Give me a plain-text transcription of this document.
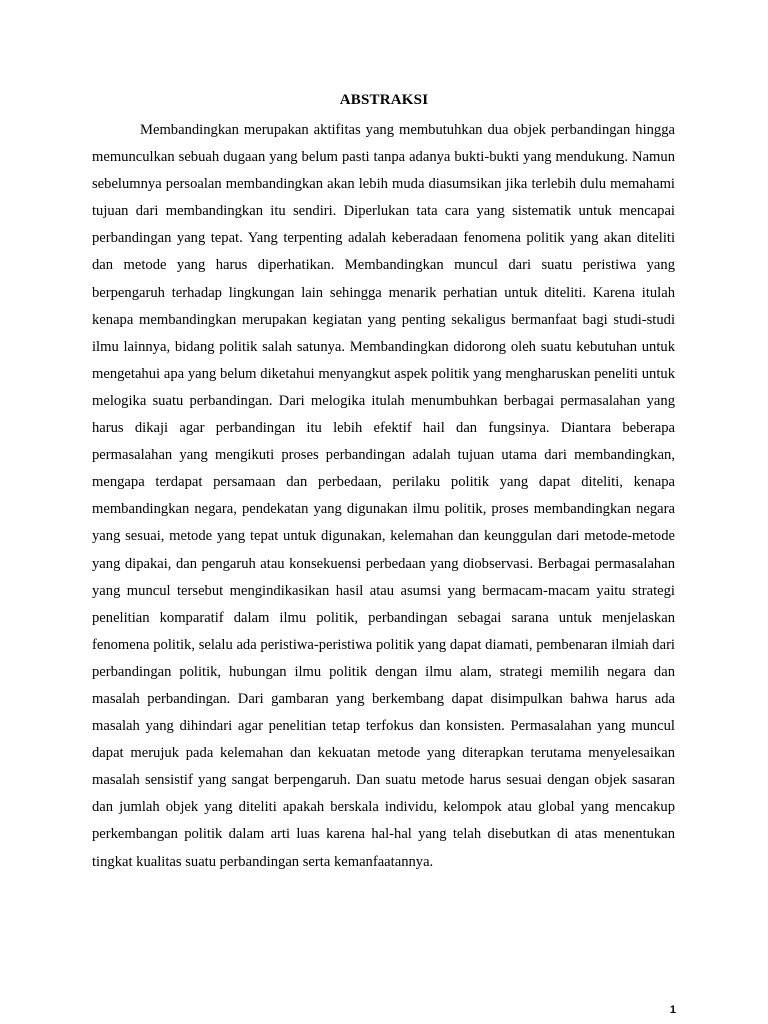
ABSTRAKSI

Membandingkan merupakan aktifitas yang membutuhkan dua objek perbandingan hingga memunculkan sebuah dugaan yang belum pasti tanpa adanya bukti-bukti yang mendukung. Namun sebelumnya persoalan membandingkan akan lebih muda diasumsikan jika terlebih dulu memahami tujuan dari membandingkan itu sendiri. Diperlukan tata cara yang sistematik untuk mencapai perbandingan yang tepat. Yang terpenting adalah keberadaan fenomena politik yang akan diteliti dan metode yang harus diperhatikan. Membandingkan muncul dari suatu peristiwa yang berpengaruh terhadap lingkungan lain sehingga menarik perhatian untuk diteliti. Karena itulah kenapa membandingkan merupakan kegiatan yang penting sekaligus bermanfaat bagi studi-studi ilmu lainnya, bidang politik salah satunya. Membandingkan didorong oleh suatu kebutuhan untuk mengetahui apa yang belum diketahui menyangkut aspek politik yang mengharuskan peneliti untuk melogika suatu perbandingan. Dari melogika itulah menumbuhkan berbagai permasalahan yang harus dikaji agar perbandingan itu lebih efektif hail dan fungsinya. Diantara beberapa permasalahan yang mengikuti proses perbandingan adalah tujuan utama dari membandingkan, mengapa terdapat persamaan dan perbedaan, perilaku politik yang dapat diteliti, kenapa membandingkan negara, pendekatan yang digunakan ilmu politik, proses membandingkan negara yang sesuai, metode yang tepat untuk digunakan, kelemahan dan keunggulan dari metode-metode yang dipakai, dan pengaruh atau konsekuensi perbedaan yang diobservasi. Berbagai permasalahan yang muncul tersebut mengindikasikan hasil atau asumsi yang bermacam-macam yaitu strategi penelitian komparatif dalam ilmu politik, perbandingan sebagai sarana untuk menjelaskan fenomena politik, selalu ada peristiwa-peristiwa politik yang dapat diamati, pembenaran ilmiah dari perbandingan politik, hubungan ilmu politik dengan ilmu alam, strategi memilih negara dan masalah perbandingan. Dari gambaran yang berkembang dapat disimpulkan bahwa harus ada masalah yang dihindari agar penelitian tetap terfokus dan konsisten. Permasalahan yang muncul dapat merujuk pada kelemahan dan kekuatan metode yang diterapkan terutama menyelesaikan masalah sensistif yang sangat berpengaruh. Dan suatu metode harus sesuai dengan objek sasaran dan jumlah objek yang diteliti apakah berskala individu, kelompok atau global yang mencakup perkembangan politik dalam arti luas karena hal-hal yang telah disebutkan di atas menentukan tingkat kualitas suatu perbandingan serta kemanfaatannya.

1
